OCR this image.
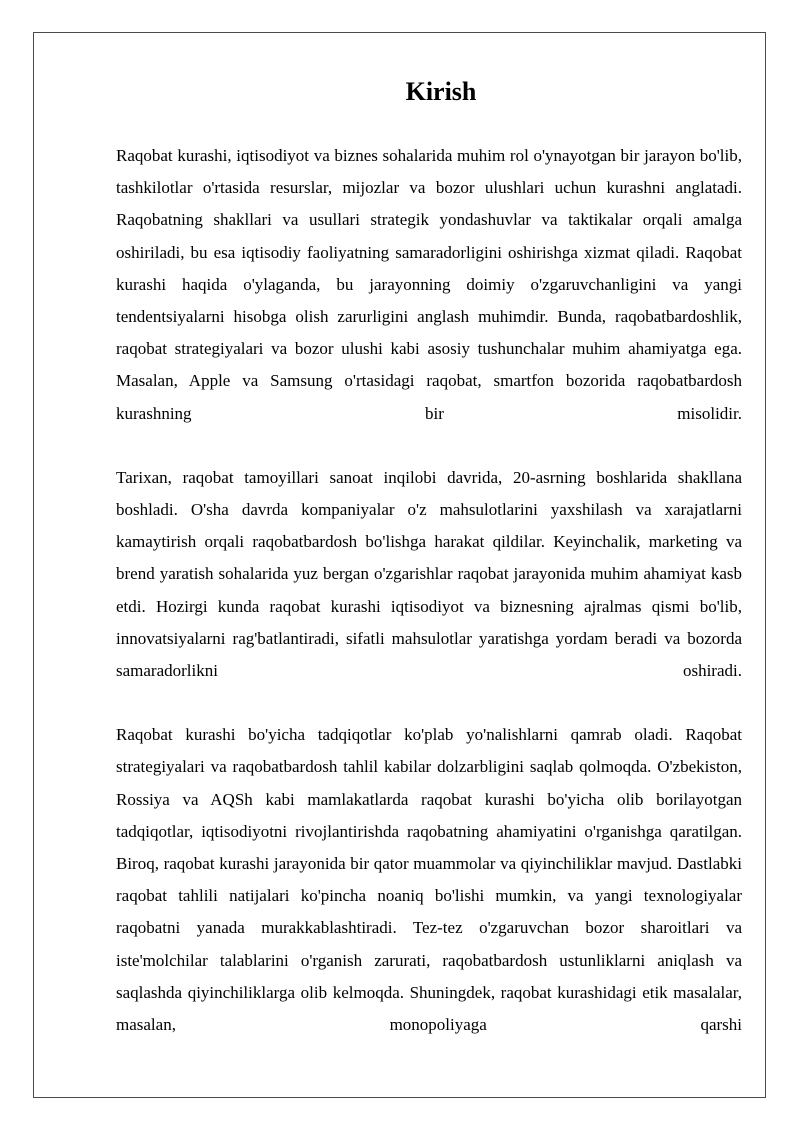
Kirish

Raqobat kurashi, iqtisodiyot va biznes sohalarida muhim rol o'ynayotgan bir jarayon bo'lib, tashkilotlar o'rtasida resurslar, mijozlar va bozor ulushlari uchun kurashni anglatadi. Raqobatning shakllari va usullari strategik yondashuvlar va taktikalar orqali amalga oshiriladi, bu esa iqtisodiy faoliyatning samaradorligini oshirishga xizmat qiladi. Raqobat kurashi haqida o'ylaganda, bu jarayonning doimiy o'zgaruvchanligini va yangi tendentsiyalarni hisobga olish zarurligini anglash muhimdir. Bunda, raqobatbardoshlik, raqobat strategiyalari va bozor ulushi kabi asosiy tushunchalar muhim ahamiyatga ega. Masalan, Apple va Samsung o'rtasidagi raqobat, smartfon bozorida raqobatbardosh kurashning bir misolidir.

Tarixan, raqobat tamoyillari sanoat inqilobi davrida, 20-asrning boshlarida shakllana boshladi. O'sha davrda kompaniyalar o'z mahsulotlarini yaxshilash va xarajatlarni kamaytirish orqali raqobatbardosh bo'lishga harakat qildilar. Keyinchalik, marketing va brend yaratish sohalarida yuz bergan o'zgarishlar raqobat jarayonida muhim ahamiyat kasb etdi. Hozirgi kunda raqobat kurashi iqtisodiyot va biznesning ajralmas qismi bo'lib, innovatsiyalarni rag'batlantiradi, sifatli mahsulotlar yaratishga yordam beradi va bozorda samaradorlikni oshiradi.

Raqobat kurashi bo'yicha tadqiqotlar ko'plab yo'nalishlarni qamrab oladi. Raqobat strategiyalari va raqobatbardosh tahlil kabilar dolzarbligini saqlab qolmoqda. O'zbekiston, Rossiya va AQSh kabi mamlakatlarda raqobat kurashi bo'yicha olib borilayotgan tadqiqotlar, iqtisodiyotni rivojlantirishda raqobatning ahamiyatini o'rganishga qaratilgan. Biroq, raqobat kurashi jarayonida bir qator muammolar va qiyinchiliklar mavjud. Dastlabki raqobat tahlili natijalari ko'pincha noaniq bo'lishi mumkin, va yangi texnologiyalar raqobatni yanada murakkablashtiradi. Tez-tez o'zgaruvchan bozor sharoitlari va iste'molchilar talablarini o'rganish zarurati, raqobatbardosh ustunliklarni aniqlash va saqlashda qiyinchiliklarga olib kelmoqda. Shuningdek, raqobat kurashidagi etik masalalar, masalan, monopoliyaga qarshi
